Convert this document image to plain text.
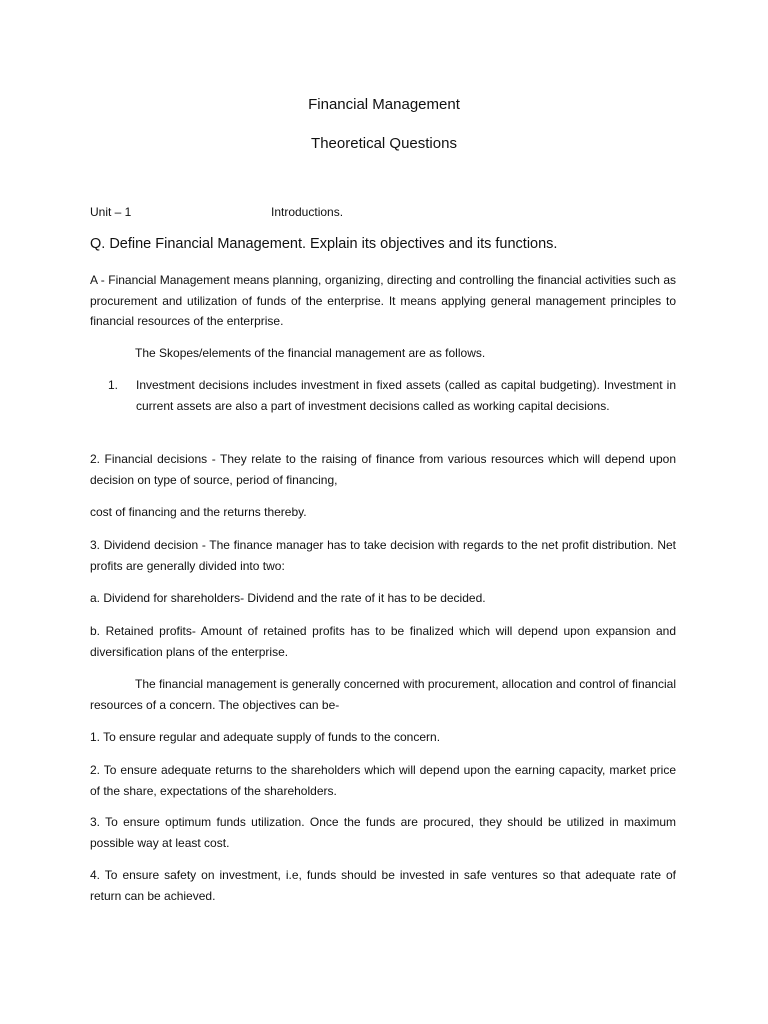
Financial Management
Theoretical Questions
Unit – 1	Introductions.
Q. Define Financial Management. Explain its objectives and its functions.
A - Financial Management means planning, organizing, directing and controlling the financial activities such as procurement and utilization of funds of the enterprise. It means applying general management principles to financial resources of the enterprise.
The Skopes/elements of the financial management are as follows.
1.	Investment decisions includes investment in fixed assets (called as capital budgeting). Investment in current assets are also a part of investment decisions called as working capital decisions.
2. Financial decisions - They relate to the raising of finance from various resources which will depend upon decision on type of source, period of financing,
cost of financing and the returns thereby.
3. Dividend decision - The finance manager has to take decision with regards to the net profit distribution. Net profits are generally divided into two:
a. Dividend for shareholders- Dividend and the rate of it has to be decided.
b. Retained profits- Amount of retained profits has to be finalized which will depend upon expansion and diversification plans of the enterprise.
The financial management is generally concerned with procurement, allocation and control of financial resources of a concern. The objectives can be-
1. To ensure regular and adequate supply of funds to the concern.
2. To ensure adequate returns to the shareholders which will depend upon the earning capacity, market price of the share, expectations of the shareholders.
3. To ensure optimum funds utilization. Once the funds are procured, they should be utilized in maximum possible way at least cost.
4. To ensure safety on investment, i.e, funds should be invested in safe ventures so that adequate rate of return can be achieved.
